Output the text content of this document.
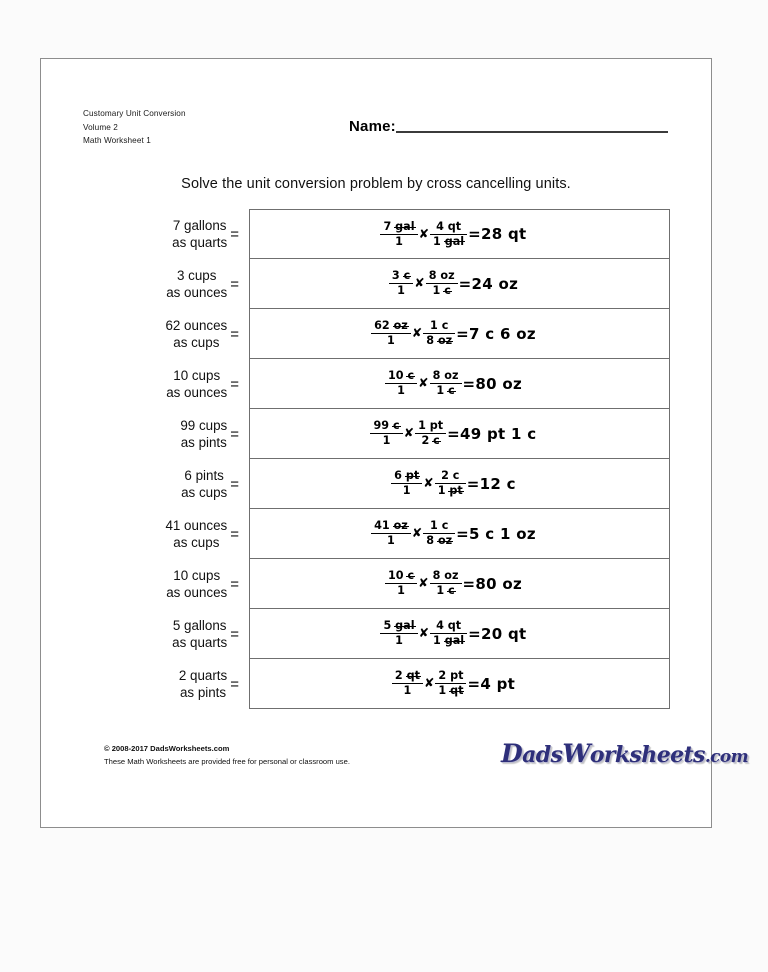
Customary Unit Conversion
Volume 2
Math Worksheet 1
Name:
Solve the unit conversion problem by cross cancelling units.
7 gallons
as quarts =	$\frac{\text{7 gal}}{1}$ ✘ $\frac{4 qt}{\text{1 gal}} =28$ qt
3 cups
as ounces =	$\frac{3 c}{1}$ ✘ $\frac{8 oz}{1 c} =24$ oz
62 ounces
as cups =	$\frac{62 oz}{1}$ ✘ $\frac{1 c}{8 oz} =7$ c 6 oz
10 cups
as ounces =	$\frac{10 c}{1}$ ✘ $\frac{8 oz}{1 c} =80$ oz
99 cups
as pints =	$\frac{99 c}{1}$ ✘ $\frac{1 pt}{2 c} =49$ pt 1 c
6 pints
as cups =	$\frac{6 pt}{1}$ ✘ $\frac{2 c}{1 pt} =12$ c
41 ounces
as cups =	$\frac{41 oz}{1}$ ✘ $\frac{1 c}{8 oz} =5$ c 1 oz
10 cups
as ounces =	$\frac{10 c}{1}$ ✘ $\frac{8 oz}{1 c} =80$ oz
5 gallons
as quarts =	$\frac{\text{5 gal}}{1}$ ✘ $\frac{4 qt}{\text{1 gal}} =20$ qt
2 quarts
as pints =	$\frac{2 qt}{1}$ ✘ $\frac{2 pt}{1 qt} =4$ pt
© 2008-2017 DadsWorksheets.com
These Math Worksheets are provided free for personal or classroom use.	DadsWorksheets.com
